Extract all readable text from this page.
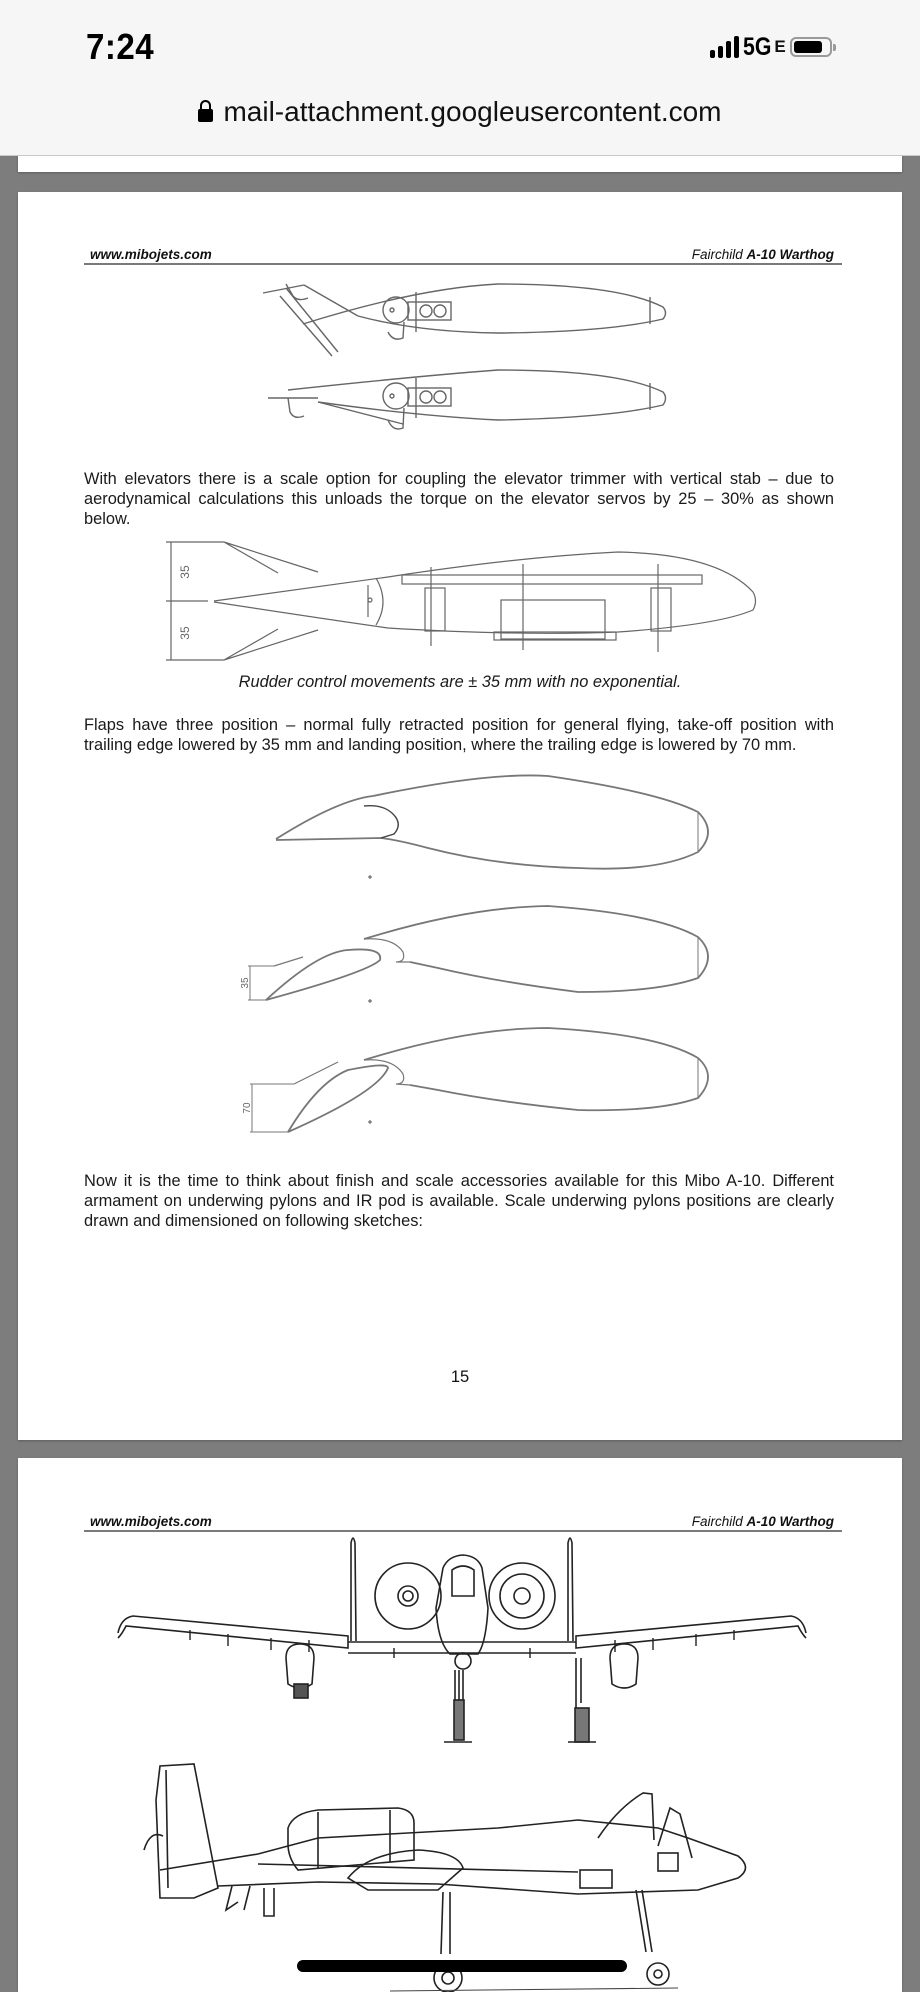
7:24	5G E
mail-attachment.googleusercontent.com
www.mibojets.com	Fairchild A-10 Warthog
With elevators there is a scale option for coupling the elevator trimmer with vertical stab – due to aerodynamical calculations this unloads the torque on the elevator servos by 25 – 30% as shown below.
35
35
Rudder control movements are ± 35 mm with no exponential.
Flaps have three position – normal fully retracted position for general flying, take-off position with trailing edge lowered by 35 mm and landing position, where the trailing edge is lowered by 70 mm.
35
70
Now it is the time to think about finish and scale accessories available for this Mibo A-10. Different armament on underwing pylons and IR pod is available. Scale underwing pylons positions are clearly drawn and dimensioned on following sketches:
15
www.mibojets.com	Fairchild A-10 Warthog
